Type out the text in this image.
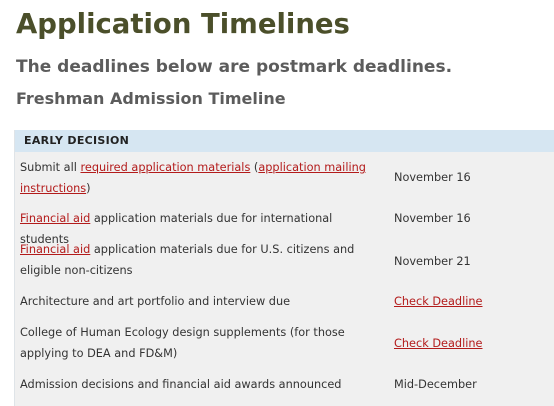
Application Timelines
The deadlines below are postmark deadlines.
Freshman Admission Timeline
EARLY DECISION
Submit all required application materials (application mailing instructions)
November 16
Financial aid application materials due for international students
November 16
Financial aid application materials due for U.S. citizens and eligible non-citizens
November 21
Architecture and art portfolio and interview due	Check Deadline
College of Human Ecology design supplements (for those applying to DEA and FD&M)
Check Deadline
Admission decisions and financial aid awards announced	Mid-December
